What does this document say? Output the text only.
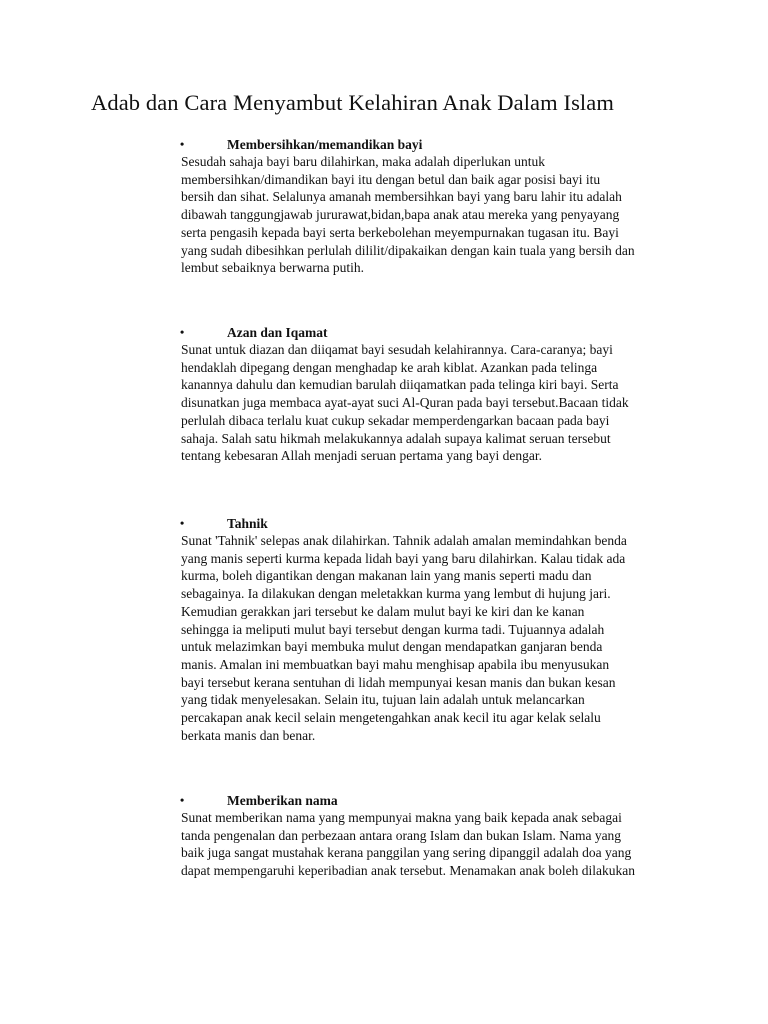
Adab dan Cara Menyambut Kelahiran Anak Dalam Islam
•	Membersihkan/memandikan bayi
Sesudah sahaja bayi baru dilahirkan, maka adalah diperlukan untuk
membersihkan/dimandikan bayi itu dengan betul dan baik agar posisi bayi itu
bersih dan sihat. Selalunya amanah membersihkan bayi yang baru lahir itu adalah
dibawah tanggungjawab jururawat,bidan,bapa anak atau mereka yang penyayang
serta pengasih kepada bayi serta berkebolehan meyempurnakan tugasan itu. Bayi
yang sudah dibesihkan perlulah dililit/dipakaikan dengan kain tuala yang bersih dan
lembut sebaiknya berwarna putih.
•	Azan dan Iqamat
Sunat untuk diazan dan diiqamat bayi sesudah kelahirannya. Cara-caranya; bayi
hendaklah dipegang dengan menghadap ke arah kiblat. Azankan pada telinga
kanannya dahulu dan kemudian barulah diiqamatkan pada telinga kiri bayi. Serta
disunatkan juga membaca ayat-ayat suci Al-Quran pada bayi tersebut.Bacaan tidak
perlulah dibaca terlalu kuat cukup sekadar memperdengarkan bacaan pada bayi
sahaja. Salah satu hikmah melakukannya adalah supaya kalimat seruan tersebut
tentang kebesaran Allah menjadi seruan pertama yang bayi dengar.
•	Tahnik
Sunat 'Tahnik' selepas anak dilahirkan. Tahnik adalah amalan memindahkan benda
yang manis seperti kurma kepada lidah bayi yang baru dilahirkan. Kalau tidak ada
kurma, boleh digantikan dengan makanan lain yang manis seperti madu dan
sebagainya. Ia dilakukan dengan meletakkan kurma yang lembut di hujung jari.
Kemudian gerakkan jari tersebut ke dalam mulut bayi ke kiri dan ke kanan
sehingga ia meliputi mulut bayi tersebut dengan kurma tadi. Tujuannya adalah
untuk melazimkan bayi membuka mulut dengan mendapatkan ganjaran benda
manis. Amalan ini membuatkan bayi mahu menghisap apabila ibu menyusukan
bayi tersebut kerana sentuhan di lidah mempunyai kesan manis dan bukan kesan
yang tidak menyelesakan. Selain itu, tujuan lain adalah untuk melancarkan
percakapan anak kecil selain mengetengahkan anak kecil itu agar kelak selalu
berkata manis dan benar.
•	Memberikan nama
Sunat memberikan nama yang mempunyai makna yang baik kepada anak sebagai
tanda pengenalan dan perbezaan antara orang Islam dan bukan Islam. Nama yang
baik juga sangat mustahak kerana panggilan yang sering dipanggil adalah doa yang
dapat mempengaruhi keperibadian anak tersebut. Menamakan anak boleh dilakukan
